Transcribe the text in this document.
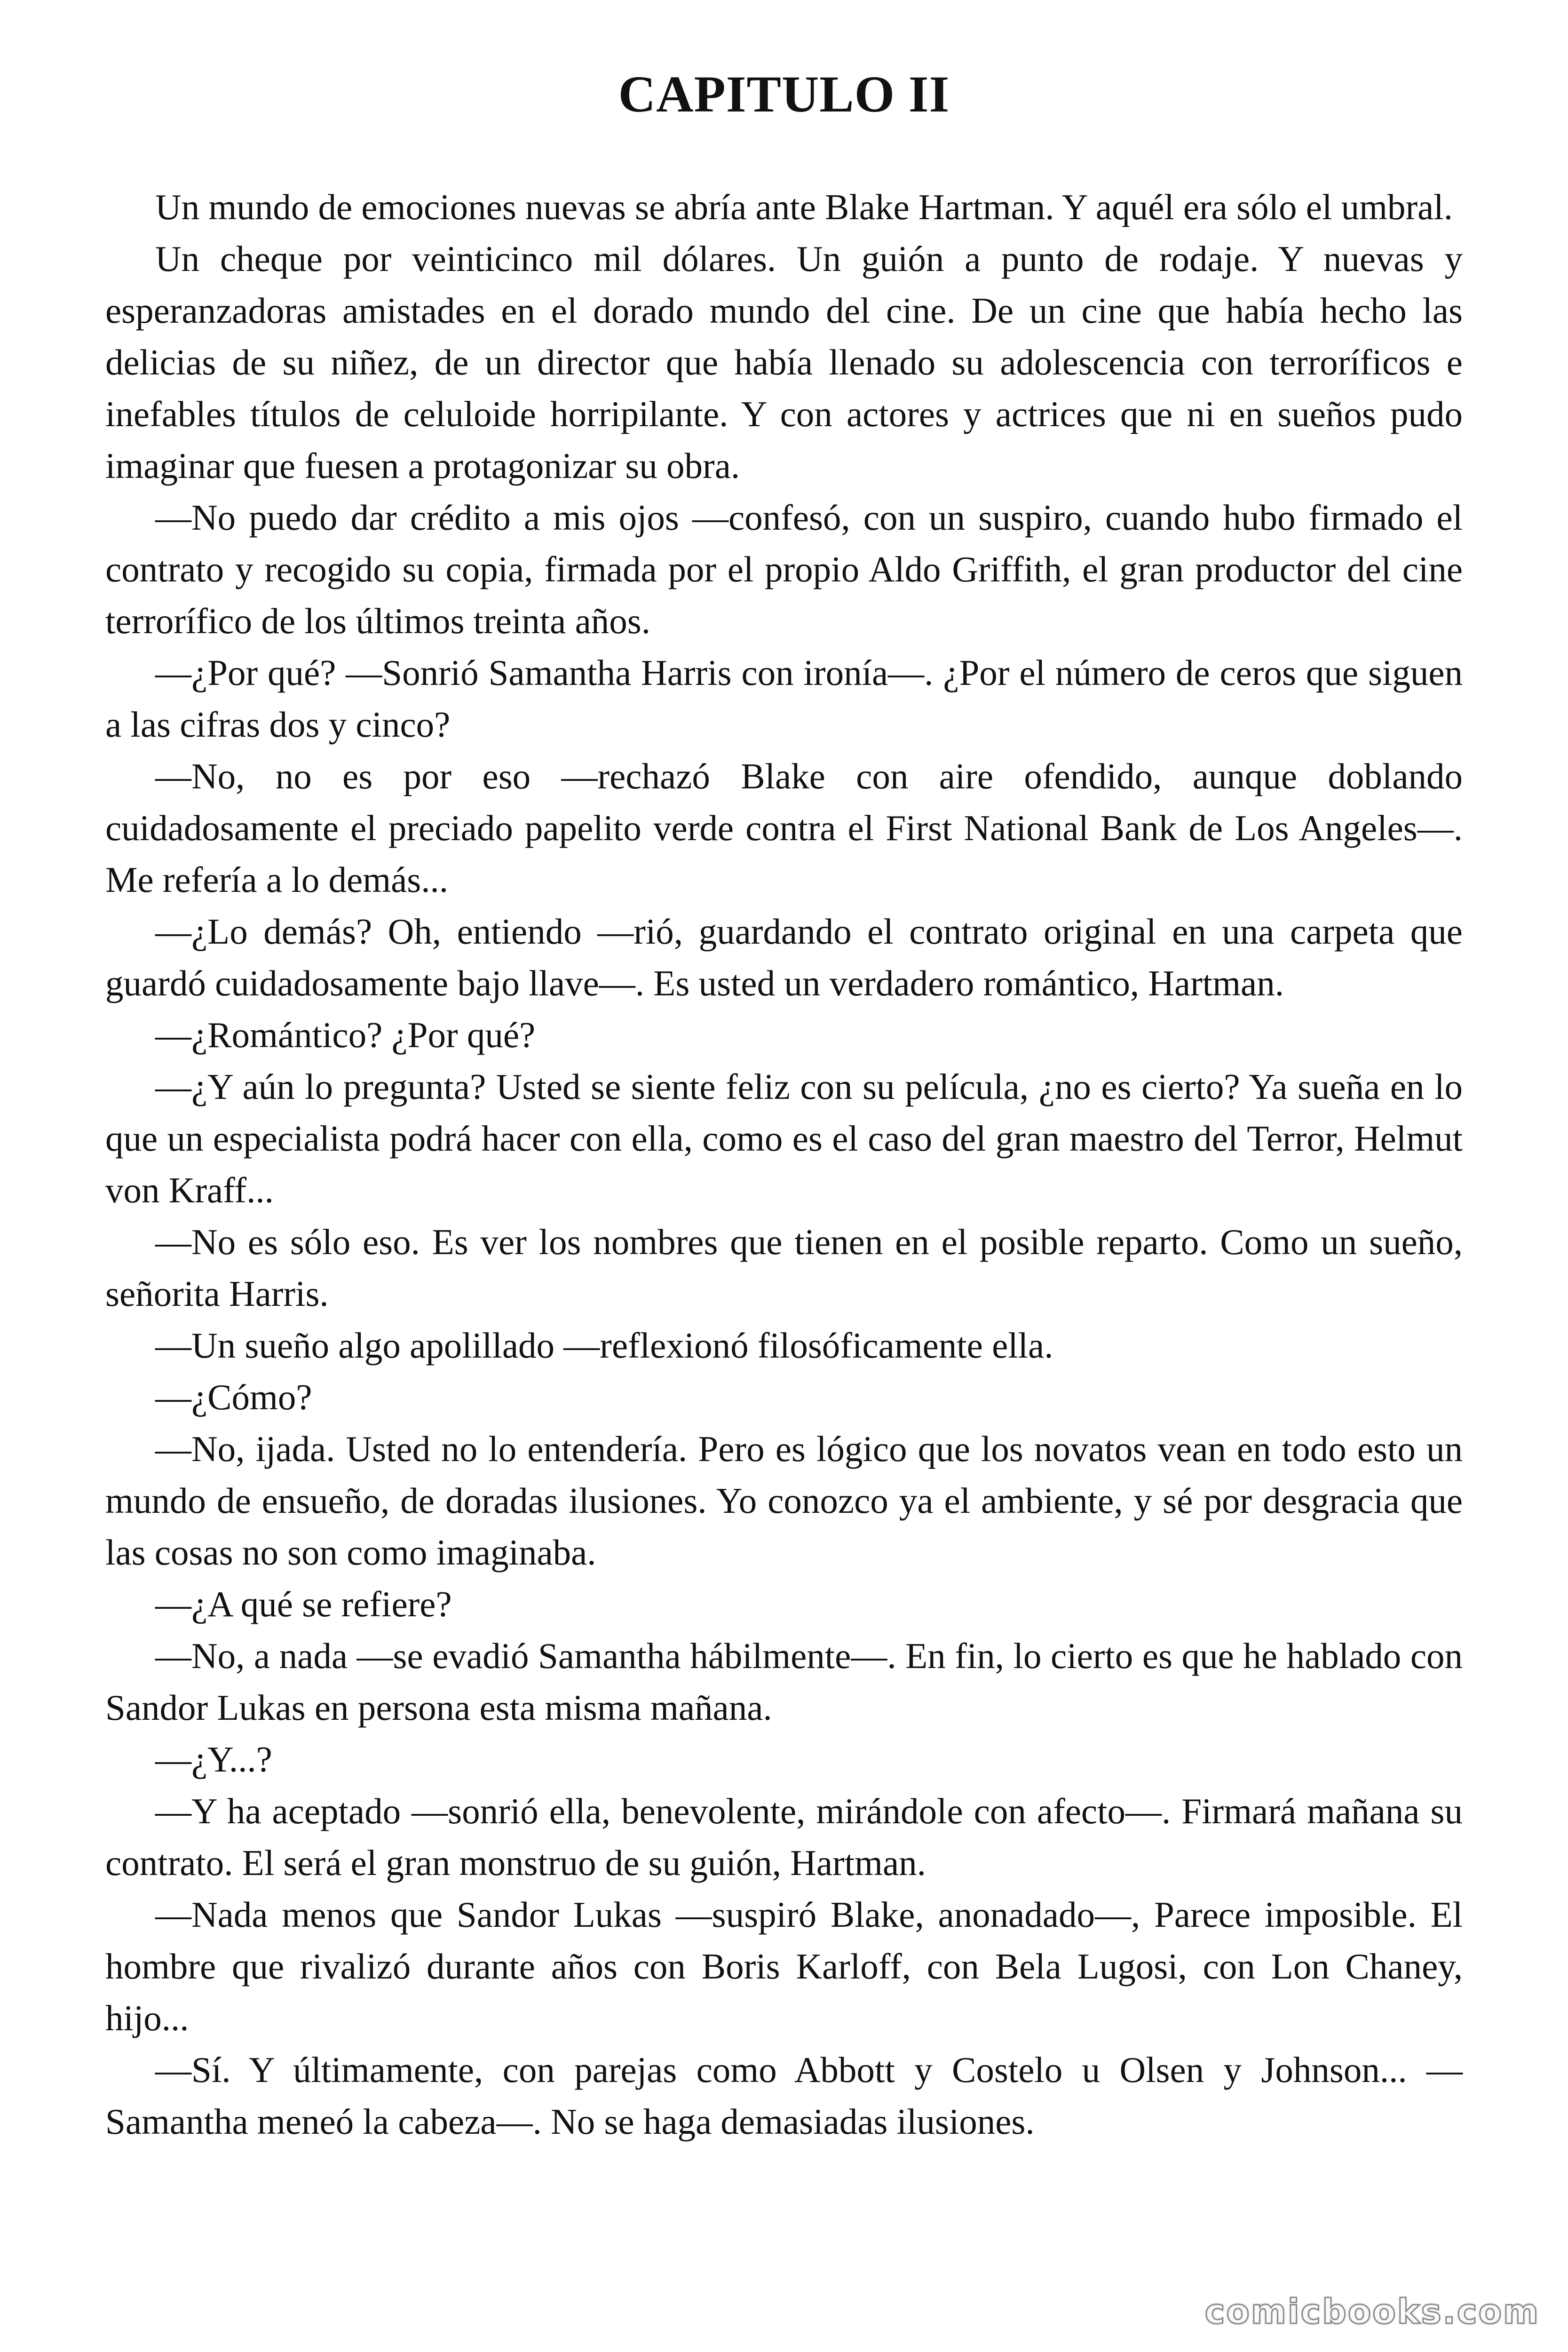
CAPITULO II

Un mundo de emociones nuevas se abría ante Blake Hartman. Y aquél era sólo el umbral.

Un cheque por veinticinco mil dólares. Un guión a punto de rodaje. Y nuevas y esperanzadoras amistades en el dorado mundo del cine. De un cine que había hecho las delicias de su niñez, de un director que había llenado su adolescencia con terroríficos e inefables títulos de celuloide horripilante. Y con actores y actrices que ni en sueños pudo imaginar que fuesen a protagonizar su obra.

—No puedo dar crédito a mis ojos —confesó, con un suspiro, cuando hubo firmado el contrato y recogido su copia, firmada por el propio Aldo Griffith, el gran productor del cine terrorífico de los últimos treinta años.

—¿Por qué? —Sonrió Samantha Harris con ironía—. ¿Por el número de ceros que siguen a las cifras dos y cinco?

—No, no es por eso —rechazó Blake con aire ofendido, aunque doblando cuidadosamente el preciado papelito verde contra el First National Bank de Los Angeles—. Me refería a lo demás...

—¿Lo demás? Oh, entiendo —rió, guardando el contrato original en una carpeta que guardó cuidadosamente bajo llave—. Es usted un verdadero romántico, Hartman.

—¿Romántico? ¿Por qué?

—¿Y aún lo pregunta? Usted se siente feliz con su película, ¿no es cierto? Ya sueña en lo que un especialista podrá hacer con ella, como es el caso del gran maestro del Terror, Helmut von Kraff...

—No es sólo eso. Es ver los nombres que tienen en el posible reparto. Como un sueño, señorita Harris.

—Un sueño algo apolillado —reflexionó filosóficamente ella.

—¿Cómo?

—No, ijada. Usted no lo entendería. Pero es lógico que los novatos vean en todo esto un mundo de ensueño, de doradas ilusiones. Yo conozco ya el ambiente, y sé por desgracia que las cosas no son como imaginaba.

—¿A qué se refiere?

—No, a nada —se evadió Samantha hábilmente—. En fin, lo cierto es que he hablado con Sandor Lukas en persona esta misma mañana.

—¿Y...?

—Y ha aceptado —sonrió ella, benevolente, mirándole con afecto—. Firmará mañana su contrato. El será el gran monstruo de su guión, Hartman.

—Nada menos que Sandor Lukas —suspiró Blake, anonadado—, Parece imposible. El hombre que rivalizó durante años con Boris Karloff, con Bela Lugosi, con Lon Chaney, hijo...

—Sí. Y últimamente, con parejas como Abbott y Costelo u Olsen y Johnson... — Samantha meneó la cabeza—. No se haga demasiadas ilusiones.

comicbooks.com
